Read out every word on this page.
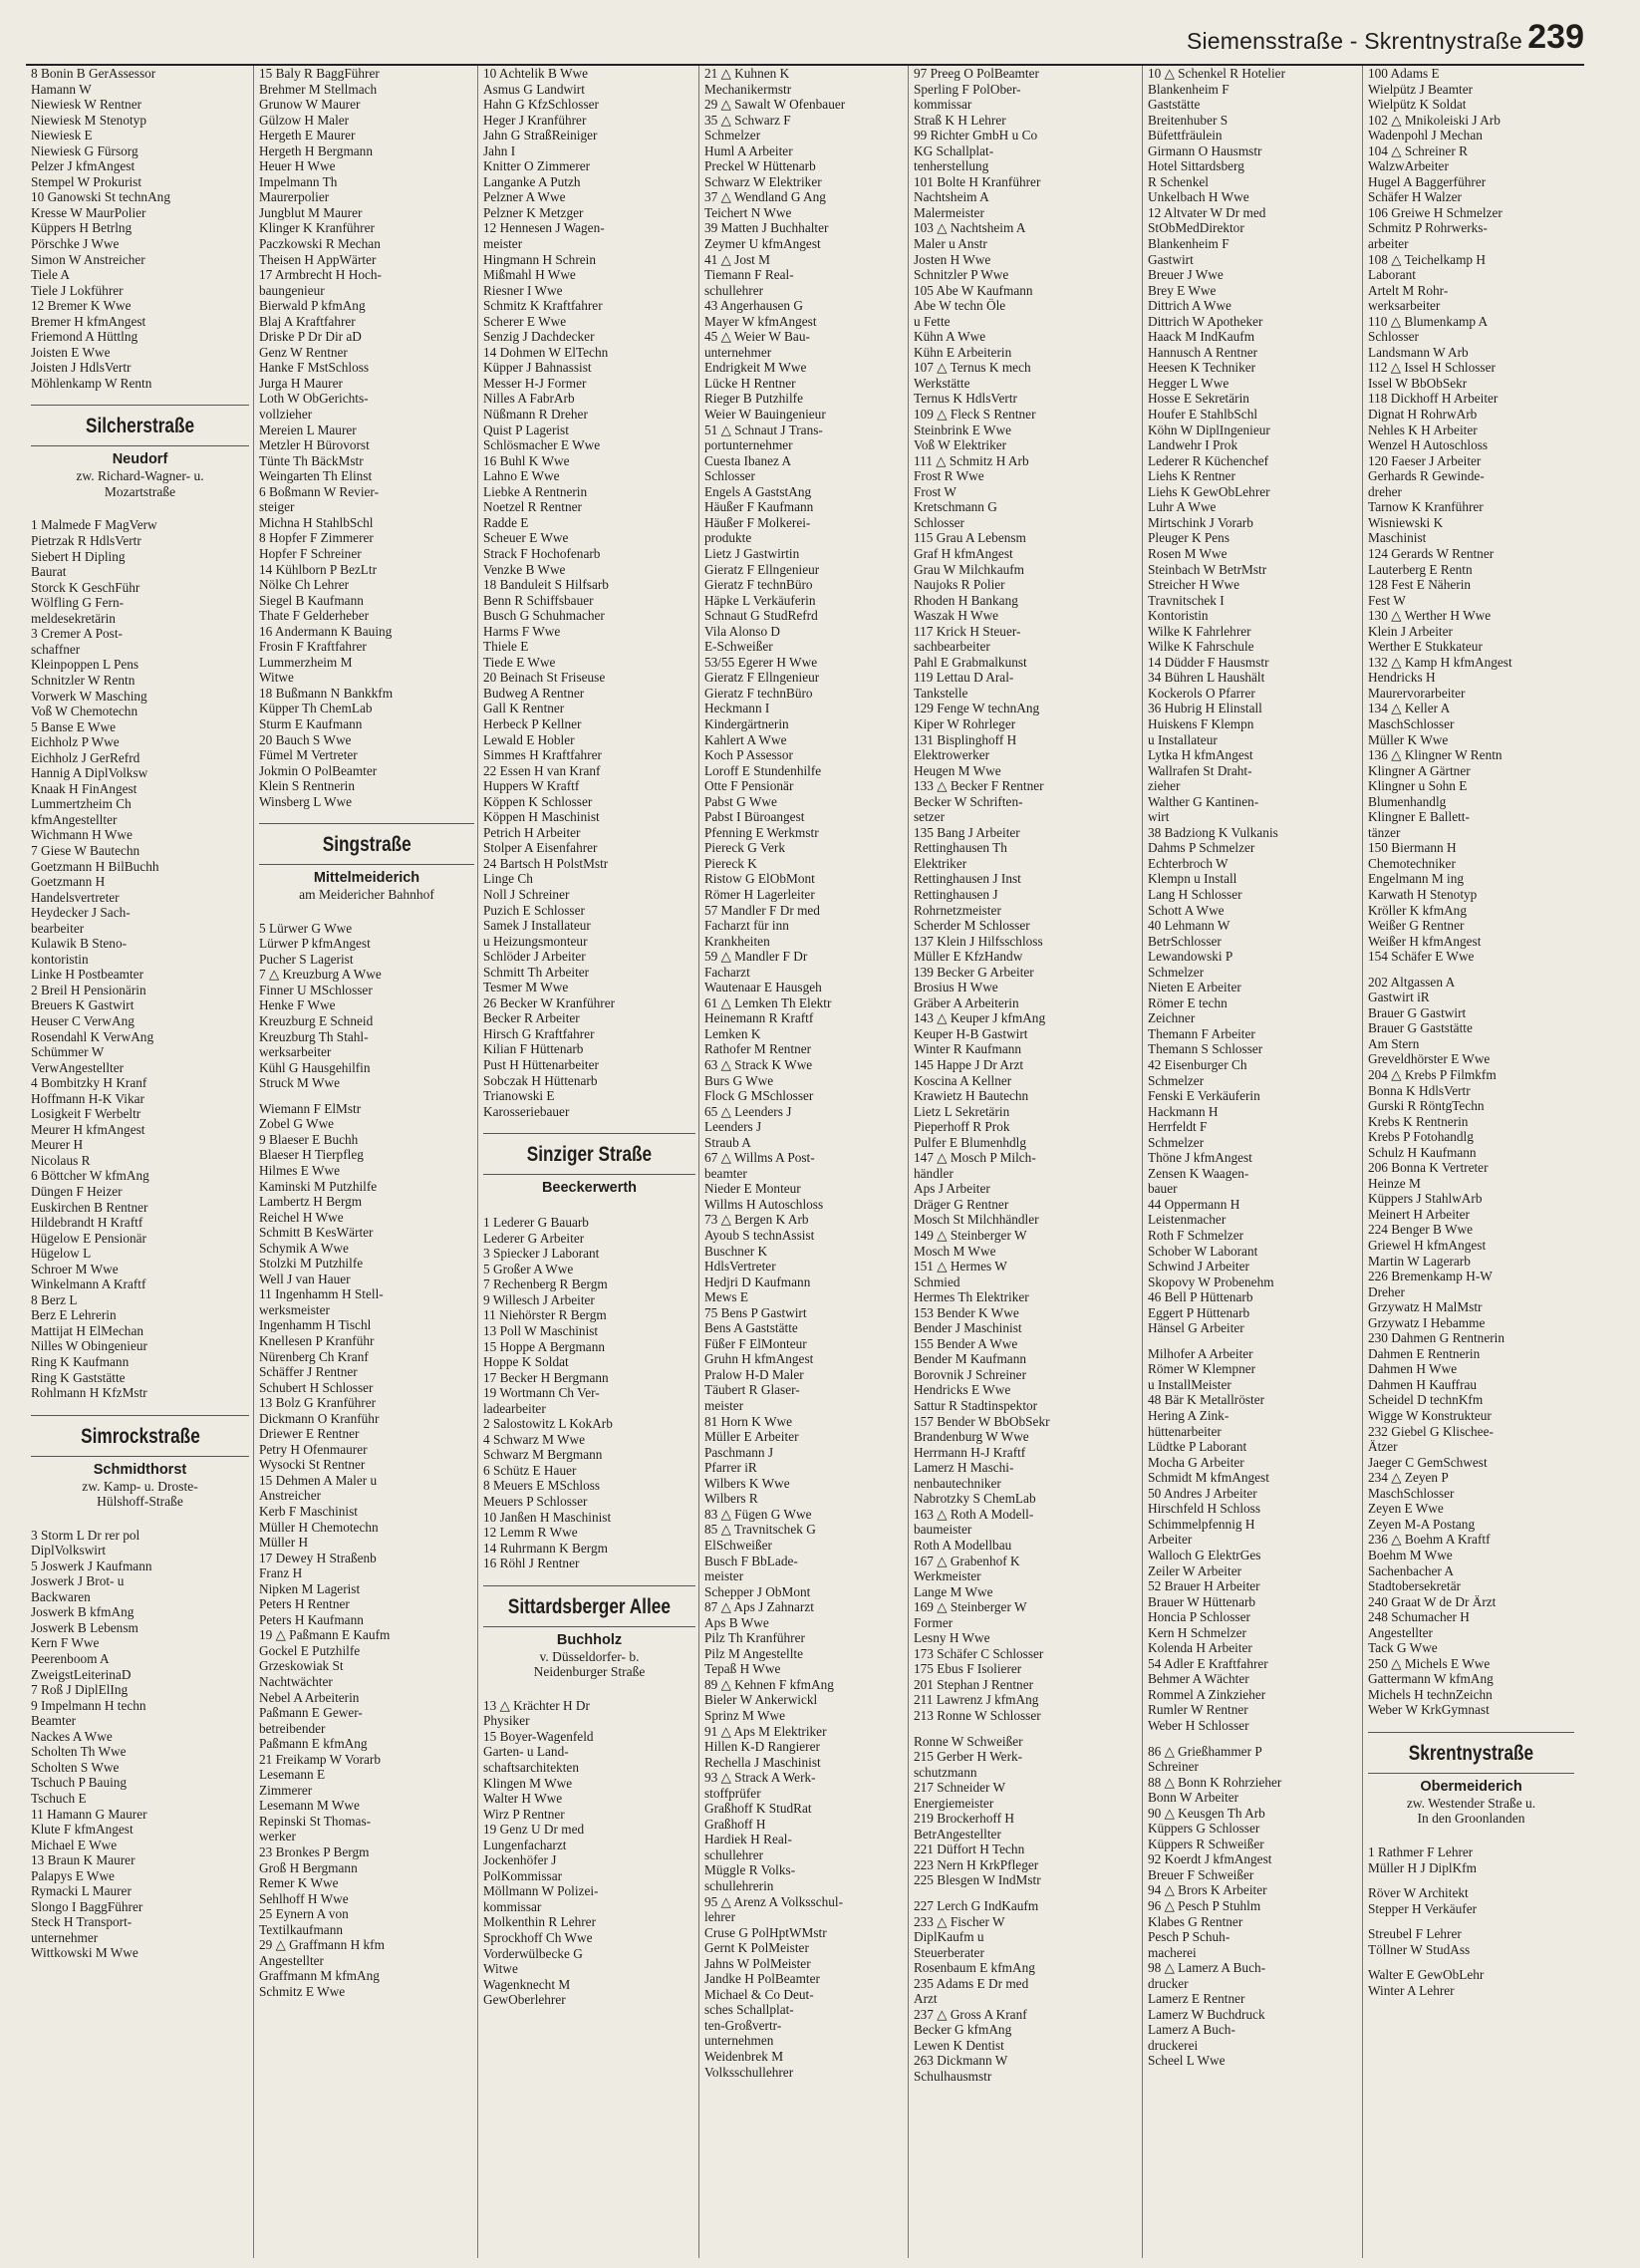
Siemensstraße - Skrentnystraße 239
8 Bonin B GerAssessor
Hamann W
Niewiesk W Rentner
Niewiesk M Stenotyp
Niewiesk E
Niewiesk G Fürsorg
Pelzer J kfmAngest
Stempel W Prokurist
10 Ganowski St technAng
Kresse W MaurPolier
Küppers H Betrlng
Pörschke J Wwe
Simon W Anstreicher
Tiele A
Tiele J Lokführer
12 Bremer K Wwe
Bremer H kfmAngest
Friemond A Hüttlng
Joisten E Wwe
Joisten J HdlsVertr
Möhlenkamp W Rentn
Silcherstraße
Neudorf
zw. Richard-Wagner- u.
Mozartstraße
1 Malmede F MagVerw
Pietrzak R HdlsVertr
Siebert H Dipling
Baurat
Storck K GeschFühr
Wölfling G Fern-
meldesekretärin
3 Cremer A Post-
schaffner
Kleinpoppen L Pens
Schnitzler W Rentn
Vorwerk W Masching
Voß W Chemotechn
5 Banse E Wwe
Eichholz P Wwe
Eichholz J GerRefrd
Hannig A DiplVolksw
Knaak H FinAngest
Lummertzheim Ch
kfmAngestellter
Wichmann H Wwe
7 Giese W Bautechn
Goetzmann H BilBuchh
Goetzmann H
Handelsvertreter
Heydecker J Sach-
bearbeiter
Kulawik B Steno-
kontoristin
Linke H Postbeamter
2 Breil H Pensionärin
Breuers K Gastwirt
Heuser C VerwAng
Rosendahl K VerwAng
Schümmer W
VerwAngestellter
4 Bombitzky H Kranf
Hoffmann H-K Vikar
Losigkeit F Werbeltr
Meurer H kfmAngest
Meurer H
Nicolaus R
6 Böttcher W kfmAng
Düngen F Heizer
Euskirchen B Rentner
Hildebrandt H Kraftf
Hügelow E Pensionär
Hügelow L
Schroer M Wwe
Winkelmann A Kraftf
8 Berz L
Berz E Lehrerin
Mattijat H ElMechan
Nilles W Obingenieur
Ring K Kaufmann
Ring K Gaststätte
Rohlmann H KfzMstr
Simrockstraße
Schmidthorst
zw. Kamp- u. Droste-
Hülshoff-Straße
3 Storm L Dr rer pol
DiplVolkswirt
5 Joswerk J Kaufmann
Joswerk J Brot- u
Backwaren
Joswerk B kfmAng
Joswerk B Lebensm
Kern F Wwe
Peerenboom A
ZweigstLeiterinaD
7 Roß J DiplElIng
9 Impelmann H techn
Beamter
Nackes A Wwe
Scholten Th Wwe
Scholten S Wwe
Tschuch P Bauing
Tschuch E
11 Hamann G Maurer
Klute F kfmAngest
Michael E Wwe
13 Braun K Maurer
Palapys E Wwe
Rymacki L Maurer
Slongo I BaggFührer
Steck H Transport-
unternehmer
Wittkowski M Wwe
15 Baly R BaggFührer
Brehmer M Stellmach
Grunow W Maurer
Gülzow H Maler
Hergeth E Maurer
Hergeth H Bergmann
Heuer H Wwe
Impelmann Th
Maurerpolier
Jungblut M Maurer
Klinger K Kranführer
Paczkowski R Mechan
Theisen H AppWärter
17 Armbrecht H Hoch-
baungenieur
Bierwald P kfmAng
Blaj A Kraftfahrer
Driske P Dr Dir aD
Genz W Rentner
Hanke F MstSchloss
Jurga H Maurer
Loth W ObGerichts-
vollzieher
Mereien L Maurer
Metzler H Bürovorst
Tünte Th BäckMstr
Weingarten Th Elinst
6 Boßmann W Revier-
steiger
Michna H StahlbSchl
8 Hopfer F Zimmerer
Hopfer F Schreiner
14 Kühlborn P BezLtr
Nölke Ch Lehrer
Siegel B Kaufmann
Thate F Gelderheber
16 Andermann K Bauing
Frosin F Kraftfahrer
Lummerzheim M
Witwe
18 Bußmann N Bankkfm
Küpper Th ChemLab
Sturm E Kaufmann
20 Bauch S Wwe
Fümel M Vertreter
Jokmin O PolBeamter
Klein S Rentnerin
Winsberg L Wwe
Singstraße
Mittelmeiderich
am Meidericher Bahnhof
5 Lürwer G Wwe
Lürwer P kfmAngest
Pucher S Lagerist
7 △ Kreuzburg A Wwe
Finner U MSchlosser
Henke F Wwe
Kreuzburg E Schneid
Kreuzburg Th Stahl-
werksarbeiter
Kühl G Hausgehilfin
Struck M Wwe
Wiemann F ElMstr
Zobel G Wwe
9 Blaeser E Buchh
Blaeser H Tierpfleg
Hilmes E Wwe
Kaminski M Putzhilfe
Lambertz H Bergm
Reichel H Wwe
Schmitt B KesWärter
Schymik A Wwe
Stolzki M Putzhilfe
Well J van Hauer
11 Ingenhamm H Stell-
werksmeister
Ingenhamm H Tischl
Knellesen P Kranführ
Nürenberg Ch Kranf
Schäffer J Rentner
Schubert H Schlosser
13 Bolz G Kranführer
Dickmann O Kranführ
Driewer E Rentner
Petry H Ofenmaurer
Wysocki St Rentner
15 Dehmen A Maler u
Anstreicher
Kerb F Maschinist
Müller H Chemotechn
Müller H
17 Dewey H Straßenb
Franz H
Nipken M Lagerist
Peters H Rentner
Peters H Kaufmann
19 △ Paßmann E Kaufm
Gockel E Putzhilfe
Grzeskowiak St
Nachtwächter
Nebel A Arbeiterin
Paßmann E Gewer-
betreibender
Paßmann E kfmAng
21 Freikamp W Vorarb
Lesemann E
Zimmerer
Lesemann M Wwe
Repinski St Thomas-
werker
23 Bronkes P Bergm
Groß H Bergmann
Remer K Wwe
Sehlhoff H Wwe
25 Eynern A von
Textilkaufmann
29 △ Graffmann H kfm
Angestellter
Graffmann M kfmAng
Schmitz E Wwe
10 Achtelik B Wwe
Asmus G Landwirt
Hahn G KfzSchlosser
Heger J Kranführer
Jahn G StraßReiniger
Jahn I
Knitter O Zimmerer
Langanke A Putzh
Pelzner A Wwe
Pelzner K Metzger
12 Hennesen J Wagen-
meister
Hingmann H Schrein
Mißmahl H Wwe
Riesner I Wwe
Schmitz K Kraftfahrer
Scherer E Wwe
Senzig J Dachdecker
14 Dohmen W ElTechn
Küpper J Bahnassist
Messer H-J Former
Nilles A FabrArb
Nüßmann R Dreher
Quist P Lagerist
Schlösmacher E Wwe
16 Buhl K Wwe
Lahno E Wwe
Liebke A Rentnerin
Noetzel R Rentner
Radde E
Scheuer E Wwe
Strack F Hochofenarb
Venzke B Wwe
18 Banduleit S Hilfsarb
Benn R Schiffsbauer
Busch G Schuhmacher
Harms F Wwe
Thiele E
Tiede E Wwe
20 Beinach St Friseuse
Budweg A Rentner
Gall K Rentner
Herbeck P Kellner
Lewald E Hobler
Simmes H Kraftfahrer
22 Essen H van Kranf
Huppers W Kraftf
Köppen K Schlosser
Köppen H Maschinist
Petrich H Arbeiter
Stolper A Eisenfahrer
24 Bartsch H PolstMstr
Linge Ch
Noll J Schreiner
Puzich E Schlosser
Samek J Installateur
u Heizungsmonteur
Schlöder J Arbeiter
Schmitt Th Arbeiter
Tesmer M Wwe
26 Becker W Kranführer
Becker R Arbeiter
Hirsch G Kraftfahrer
Kilian F Hüttenarb
Pust H Hüttenarbeiter
Sobczak H Hüttenarb
Trianowski E
Karosseriebauer
Sinziger Straße
Beeckerwerth
1 Lederer G Bauarb
Lederer G Arbeiter
3 Spiecker J Laborant
5 Großer A Wwe
7 Rechenberg R Bergm
9 Willesch J Arbeiter
11 Niehörster R Bergm
13 Poll W Maschinist
15 Hoppe A Bergmann
Hoppe K Soldat
17 Becker H Bergmann
19 Wortmann Ch Ver-
ladearbeiter
2 Salostowitz L KokArb
4 Schwarz M Wwe
Schwarz M Bergmann
6 Schütz E Hauer
8 Meuers E MSchloss
Meuers P Schlosser
10 Janßen H Maschinist
12 Lemm R Wwe
14 Ruhrmann K Bergm
16 Röhl J Rentner
Sittardsberger Allee
Buchholz
v. Düsseldorfer- b.
Neidenburger Straße
13 △ Krächter H Dr
Physiker
15 Boyer-Wagenfeld
Garten- u Land-
schaftsarchitekten
Klingen M Wwe
Walter H Wwe
Wirz P Rentner
19 Genz U Dr med
Lungenfacharzt
Jockenhöfer J
PolKommissar
Möllmann W Polizei-
kommissar
Molkenthin R Lehrer
Sprockhoff Ch Wwe
Vorderwülbecke G
Witwe
Wagenknecht M
GewOberlehrer
21 △ Kuhnen K
Mechanikermstr
29 △ Sawalt W Ofenbauer
35 △ Schwarz F
Schmelzer
Huml A Arbeiter
Preckel W Hüttenarb
Schwarz W Elektriker
37 △ Wendland G Ang
Teichert N Wwe
39 Matten J Buchhalter
Zeymer U kfmAngest
41 △ Jost M
Tiemann F Real-
schullehrer
43 Angerhausen G
Mayer W kfmAngest
45 △ Weier W Bau-
unternehmer
Endrigkeit M Wwe
Lücke H Rentner
Rieger B Putzhilfe
Weier W Bauingenieur
51 △ Schnaut J Trans-
portunternehmer
Cuesta Ibanez A
Schlosser
Engels A GaststAng
Häußer F Kaufmann
Häußer F Molkerei-
produkte
Lietz J Gastwirtin
Gieratz F Ellngenieur
Gieratz F technBüro
Häpke L Verkäuferin
Schnaut G StudRefrd
Vila Alonso D
E-Schweißer
53/55 Egerer H Wwe
Gieratz F Ellngenieur
Gieratz F technBüro
Heckmann I
Kindergärtnerin
Kahlert A Wwe
Koch P Assessor
Loroff E Stundenhilfe
Otte F Pensionär
Pabst G Wwe
Pabst I Büroangest
Pfenning E Werkmstr
Piereck G Verk
Piereck K
Ristow G ElObMont
Römer H Lagerleiter
57 Mandler F Dr med
Facharzt für inn
Krankheiten
59 △ Mandler F Dr
Facharzt
Wautenaar E Hausgeh
61 △ Lemken Th Elektr
Heinemann R Kraftf
Lemken K
Rathofer M Rentner
63 △ Strack K Wwe
Burs G Wwe
Flock G MSchlosser
65 △ Leenders J
Leenders J
Straub A
67 △ Willms A Post-
beamter
Nieder E Monteur
Willms H Autoschloss
73 △ Bergen K Arb
Ayoub S technAssist
Buschner K
HdlsVertreter
Hedjri D Kaufmann
Mews E
75 Bens P Gastwirt
Bens A Gaststätte
Füßer F ElMonteur
Gruhn H kfmAngest
Pralow H-D Maler
Täubert R Glaser-
meister
81 Horn K Wwe
Müller E Arbeiter
Paschmann J
Pfarrer iR
Wilbers K Wwe
Wilbers R
83 △ Fügen G Wwe
85 △ Travnitschek G
ElSchweißer
Busch F BbLade-
meister
Schepper J ObMont
87 △ Aps J Zahnarzt
Aps B Wwe
Pilz Th Kranführer
Pilz M Angestellte
Tepaß H Wwe
89 △ Kehnen F kfmAng
Bieler W Ankerwickl
Sprinz M Wwe
91 △ Aps M Elektriker
Hillen K-D Rangierer
Rechella J Maschinist
93 △ Strack A Werk-
stoffprüfer
Graßhoff K StudRat
Graßhoff H
Hardiek H Real-
schullehrer
Müggle R Volks-
schullehrerin
95 △ Arenz A Volksschul-
lehrer
Cruse G PolHptWMstr
Gernt K PolMeister
Jahns W PolMeister
Jandke H PolBeamter
Michael & Co Deut-
sches Schallplat-
ten-Großvertr-
unternehmen
Weidenbrek M
Volksschullehrer
97 Preeg O PolBeamter
Sperling F PolOber-
kommissar
Straß K H Lehrer
99 Richter GmbH u Co
KG Schallplat-
tenherstellung
101 Bolte H Kranführer
Nachtsheim A
Malermeister
103 △ Nachtsheim A
Maler u Anstr
Josten H Wwe
Schnitzler P Wwe
105 Abe W Kaufmann
Abe W techn Öle
u Fette
Kühn A Wwe
Kühn E Arbeiterin
107 △ Ternus K mech
Werkstätte
Ternus K HdlsVertr
109 △ Fleck S Rentner
Steinbrink E Wwe
Voß W Elektriker
111 △ Schmitz H Arb
Frost R Wwe
Frost W
Kretschmann G
Schlosser
115 Grau A Lebensm
Graf H kfmAngest
Grau W Milchkaufm
Naujoks R Polier
Rhoden H Bankang
Waszak H Wwe
117 Krick H Steuer-
sachbearbeiter
Pahl E Grabmalkunst
119 Lettau D Aral-
Tankstelle
129 Fenge W technAng
Kiper W Rohrleger
131 Bisplinghoff H
Elektrowerker
Heugen M Wwe
133 △ Becker F Rentner
Becker W Schriften-
setzer
135 Bang J Arbeiter
Rettinghausen Th
Elektriker
Rettinghausen J Inst
Rettinghausen J
Rohrnetzmeister
Scherder M Schlosser
137 Klein J Hilfsschloss
Müller E KfzHandw
139 Becker G Arbeiter
Brosius H Wwe
Gräber A Arbeiterin
143 △ Keuper J kfmAng
Keuper H-B Gastwirt
Winter R Kaufmann
145 Happe J Dr Arzt
Koscina A Kellner
Krawietz H Bautechn
Lietz L Sekretärin
Pieperhoff R Prok
Pulfer E Blumenhdlg
147 △ Mosch P Milch-
händler
Aps J Arbeiter
Dräger G Rentner
Mosch St Milchhändler
149 △ Steinberger W
Mosch M Wwe
151 △ Hermes W
Schmied
Hermes Th Elektriker
153 Bender K Wwe
Bender J Maschinist
155 Bender A Wwe
Bender M Kaufmann
Borovnik J Schreiner
Hendricks E Wwe
Sattur R Stadtinspektor
157 Bender W BbObSekr
Brandenburg W Wwe
Herrmann H-J Kraftf
Lamerz H Maschi-
nenbautechniker
Nabrotzky S ChemLab
163 △ Roth A Modell-
baumeister
Roth A Modellbau
167 △ Grabenhof K
Werkmeister
Lange M Wwe
169 △ Steinberger W
Former
Lesny H Wwe
173 Schäfer C Schlosser
175 Ebus F Isolierer
201 Stephan J Rentner
211 Lawrenz J kfmAng
213 Ronne W Schlosser
Ronne W Schweißer
215 Gerber H Werk-
schutzmann
217 Schneider W
Energiemeister
219 Brockerhoff H
BetrAngestellter
221 Düffort H Techn
223 Nern H KrkPfleger
225 Blesgen W IndMstr
227 Lerch G IndKaufm
233 △ Fischer W
DiplKaufm u
Steuerberater
Rosenbaum E kfmAng
235 Adams E Dr med
Arzt
237 △ Gross A Kranf
Becker G kfmAng
Lewen K Dentist
263 Dickmann W
Schulhausmstr
10 △ Schenkel R Hotelier
Blankenheim F
Gaststätte
Breitenhuber S
Büfettfräulein
Girmann O Hausmstr
Hotel Sittardsberg
R Schenkel
Unkelbach H Wwe
12 Altvater W Dr med
StObMedDirektor
Blankenheim F
Gastwirt
Breuer J Wwe
Brey E Wwe
Dittrich A Wwe
Dittrich W Apotheker
Haack M IndKaufm
Hannusch A Rentner
Heesen K Techniker
Hegger L Wwe
Hosse E Sekretärin
Houfer E StahlbSchl
Köhn W DiplIngenieur
Landwehr I Prok
Lederer R Küchenchef
Liehs K Rentner
Liehs K GewObLehrer
Luhr A Wwe
Mirtschink J Vorarb
Pleuger K Pens
Rosen M Wwe
Steinbach W BetrMstr
Streicher H Wwe
Travnitschek I
Kontoristin
Wilke K Fahrlehrer
Wilke K Fahrschule
14 Düdder F Hausmstr
34 Bühren L Haushält
Kockerols O Pfarrer
36 Hubrig H Elinstall
Huiskens F Klempn
u Installateur
Lytka H kfmAngest
Wallrafen St Draht-
zieher
Walther G Kantinen-
wirt
38 Badziong K Vulkanis
Dahms P Schmelzer
Echterbroch W
Klempn u Install
Lang H Schlosser
Schott A Wwe
40 Lehmann W
BetrSchlosser
Lewandowski P
Schmelzer
Nieten E Arbeiter
Römer E techn
Zeichner
Themann F Arbeiter
Themann S Schlosser
42 Eisenburger Ch
Schmelzer
Fenski E Verkäuferin
Hackmann H
Herrfeldt F
Schmelzer
Thöne J kfmAngest
Zensen K Waagen-
bauer
44 Oppermann H
Leistenmacher
Roth F Schmelzer
Schober W Laborant
Schwind J Arbeiter
Skopovy W Probenehm
46 Bell P Hüttenarb
Eggert P Hüttenarb
Hänsel G Arbeiter
Milhofer A Arbeiter
Römer W Klempner
u InstallMeister
48 Bär K Metallröster
Hering A Zink-
hüttenarbeiter
Lüdtke P Laborant
Mocha G Arbeiter
Schmidt M kfmAngest
50 Andres J Arbeiter
Hirschfeld H Schloss
Schimmelpfennig H
Arbeiter
Walloch G ElektrGes
Zeiler W Arbeiter
52 Brauer H Arbeiter
Brauer W Hüttenarb
Honcia P Schlosser
Kern H Schmelzer
Kolenda H Arbeiter
54 Adler E Kraftfahrer
Behmer A Wächter
Rommel A Zinkzieher
Rumler W Rentner
Weber H Schlosser
86 △ Grießhammer P
Schreiner
88 △ Bonn K Rohrzieher
Bonn W Arbeiter
90 △ Keusgen Th Arb
Küppers G Schlosser
Küppers R Schweißer
92 Koerdt J kfmAngest
Breuer F Schweißer
94 △ Brors K Arbeiter
96 △ Pesch P Stuhlm
Klabes G Rentner
Pesch P Schuh-
macherei
98 △ Lamerz A Buch-
drucker
Lamerz E Rentner
Lamerz W Buchdruck
Lamerz A Buch-
druckerei
Scheel L Wwe
100 Adams E
Wielpütz J Beamter
Wielpütz K Soldat
102 △ Mnikoleiski J Arb
Wadenpohl J Mechan
104 △ Schreiner R
WalzwArbeiter
Hugel A Baggerführer
Schäfer H Walzer
106 Greiwe H Schmelzer
Schmitz P Rohrwerks-
arbeiter
108 △ Teichelkamp H
Laborant
Artelt M Rohr-
werksarbeiter
110 △ Blumenkamp A
Schlosser
Landsmann W Arb
112 △ Issel H Schlosser
Issel W BbObSekr
118 Dickhoff H Arbeiter
Dignat H RohrwArb
Nehles K H Arbeiter
Wenzel H Autoschloss
120 Faeser J Arbeiter
Gerhards R Gewinde-
dreher
Tarnow K Kranführer
Wisniewski K
Maschinist
124 Gerards W Rentner
Lauterberg E Rentn
128 Fest E Näherin
Fest W
130 △ Werther H Wwe
Klein J Arbeiter
Werther E Stukkateur
132 △ Kamp H kfmAngest
Hendricks H
Maurervorarbeiter
134 △ Keller A
MaschSchlosser
Müller K Wwe
136 △ Klingner W Rentn
Klingner A Gärtner
Klingner u Sohn E
Blumenhandlg
Klingner E Ballett-
tänzer
150 Biermann H
Chemotechniker
Engelmann M ing
Karwath H Stenotyp
Kröller K kfmAng
Weißer G Rentner
Weißer H kfmAngest
154 Schäfer E Wwe
202 Altgassen A
Gastwirt iR
Brauer G Gastwirt
Brauer G Gaststätte
Am Stern
Greveldhörster E Wwe
204 △ Krebs P Filmkfm
Bonna K HdlsVertr
Gurski R RöntgTechn
Krebs K Rentnerin
Krebs P Fotohandlg
Schulz H Kaufmann
206 Bonna K Vertreter
Heinze M
Küppers J StahlwArb
Meinert H Arbeiter
224 Benger B Wwe
Griewel H kfmAngest
Martin W Lagerarb
226 Bremenkamp H-W
Dreher
Grzywatz H MalMstr
Grzywatz I Hebamme
230 Dahmen G Rentnerin
Dahmen E Rentnerin
Dahmen H Wwe
Dahmen H Kauffrau
Scheidel D technKfm
Wigge W Konstrukteur
232 Giebel G Klischee-
Ätzer
Jaeger C GemSchwest
234 △ Zeyen P
MaschSchlosser
Zeyen E Wwe
Zeyen M-A Postang
236 △ Boehm A Kraftf
Boehm M Wwe
Sachenbacher A
Stadtobersekretär
240 Graat W de Dr Ärzt
248 Schumacher H
Angestellter
Tack G Wwe
250 △ Michels E Wwe
Gattermann W kfmAng
Michels H technZeichn
Weber W KrkGymnast
Skrentnystraße
Obermeiderich
zw. Westender Straße u.
In den Groonlanden
1 Rathmer F Lehrer
Müller H J DiplKfm
Röver W Architekt
Stepper H Verkäufer
Streubel F Lehrer
Töllner W StudAss
Walter E GewObLehr
Winter A Lehrer
